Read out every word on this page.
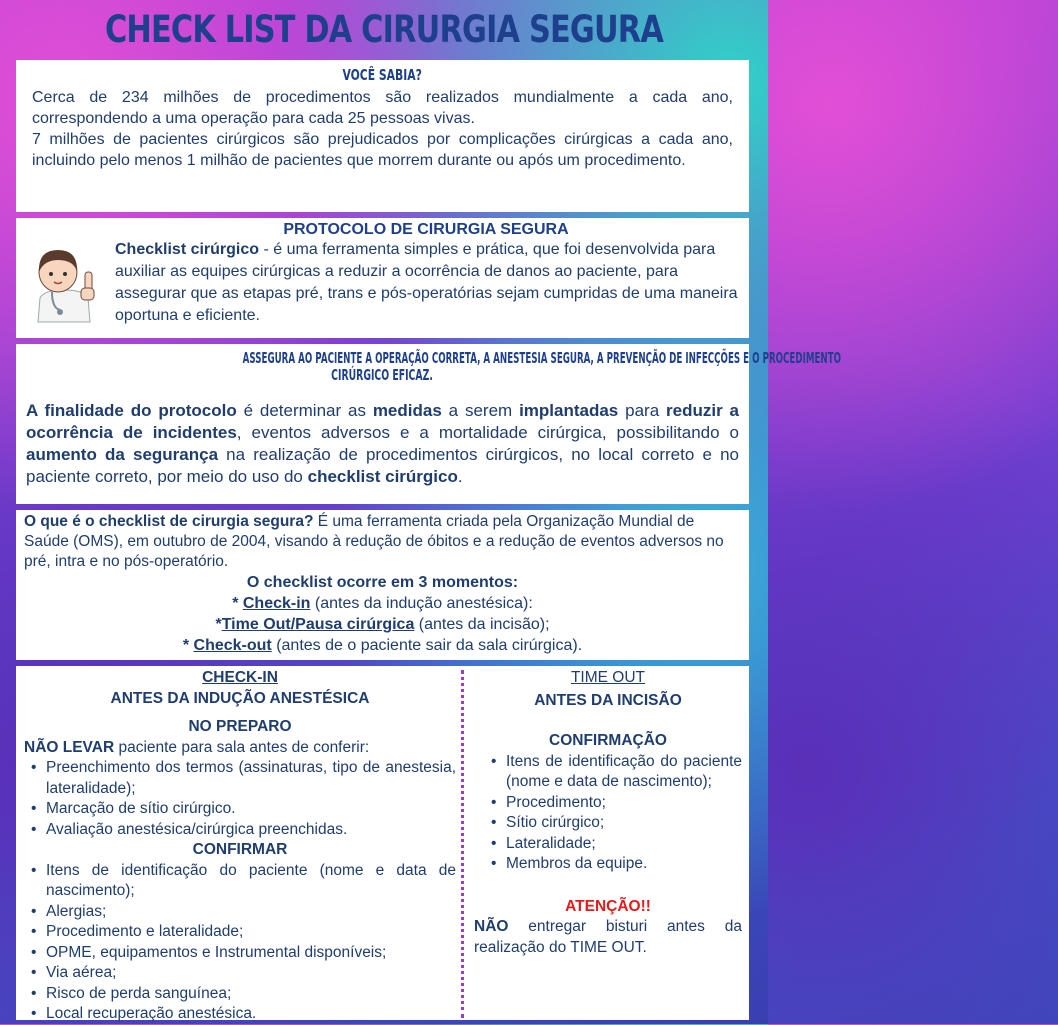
CHECK LIST DA CIRURGIA SEGURA
VOCÊ SABIA?

Cerca de 234 milhões de procedimentos são realizados mundialmente a cada ano, correspondendo a uma operação para cada 25 pessoas vivas.

7 milhões de pacientes cirúrgicos são prejudicados por complicações cirúrgicas a cada ano, incluindo pelo menos 1 milhão de pacientes que morrem durante ou após um procedimento.

PROTOCOLO DE CIRURGIA SEGURA

Checklist cirúrgico - é uma ferramenta simples e prática, que foi desenvolvida para auxiliar as equipes cirúrgicas a reduzir a ocorrência de danos ao paciente, para assegurar que as etapas pré, trans e pós-operatórias sejam cumpridas de uma maneira oportuna e eficiente.

ASSEGURA AO PACIENTE A OPERAÇÃO CORRETA, A ANESTESIA SEGURA, A PREVENÇÃO DE INFECÇÕES E O PROCEDIMENTO
CIRÚRGICO EFICAZ.

A finalidade do protocolo é determinar as medidas a serem implantadas para reduzir a ocorrência de incidentes, eventos adversos e a mortalidade cirúrgica, possibilitando o aumento da segurança na realização de procedimentos cirúrgicos, no local correto e no paciente correto, por meio do uso do checklist cirúrgico.

O que é o checklist de cirurgia segura? É uma ferramenta criada pela Organização Mundial de Saúde (OMS), em outubro de 2004, visando à redução de óbitos e a redução de eventos adversos no pré, intra e no pós-operatório.

O checklist ocorre em 3 momentos:

* Check-in (antes da indução anestésica):

*Time Out/Pausa cirúrgica (antes da incisão);

* Check-out (antes de o paciente sair da sala cirúrgica).

CHECK-IN
ANTES DA INDUÇÃO ANESTÉSICA
NO PREPARO
NÃO LEVAR paciente para sala antes de conferir:
• Preenchimento dos termos (assinaturas, tipo de anestesia, lateralidade);
• Marcação de sítio cirúrgico.
• Avaliação anestésica/cirúrgica preenchidas.
CONFIRMAR
• Itens de identificação do paciente (nome e data de nascimento);
• Alergias;
• Procedimento e lateralidade;
• OPME, equipamentos e Instrumental disponíveis;
• Via aérea;
• Risco de perda sanguínea;
• Local recuperação anestésica.
TIME OUT
ANTES DA INCISÃO
CONFIRMAÇÃO
• Itens de identificação do paciente (nome e data de nascimento);
• Procedimento;
• Sítio cirúrgico;
• Lateralidade;
• Membros da equipe.
ATENÇÃO!!
NÃO entregar bisturi antes da realização do TIME OUT.
